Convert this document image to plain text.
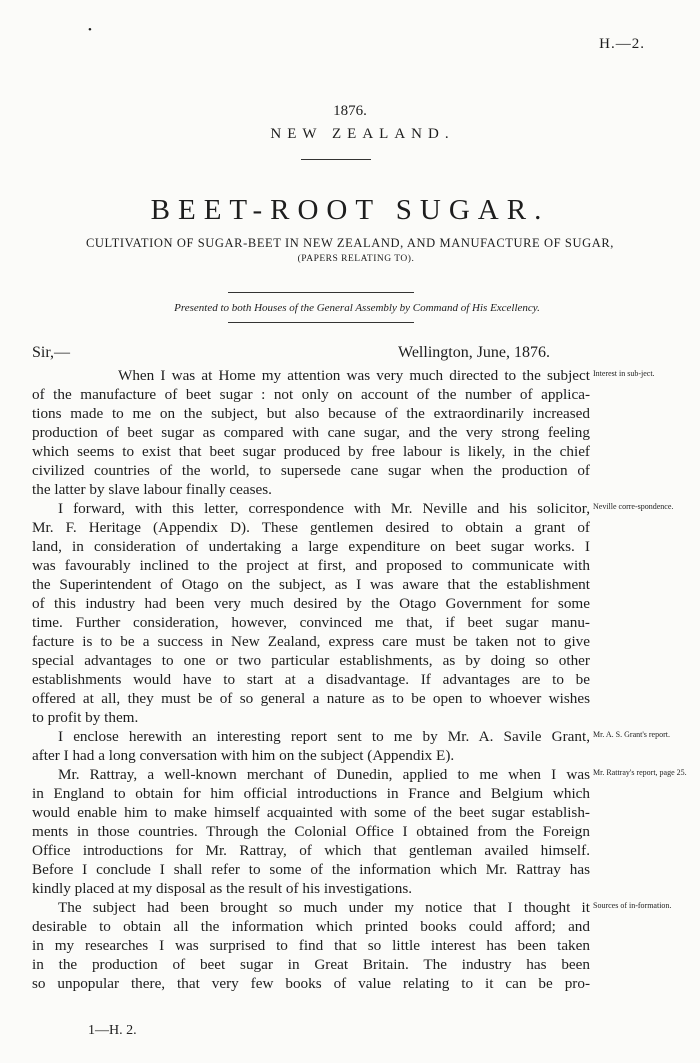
•
H.—2.
1876.
NEW ZEALAND.
BEET-ROOT SUGAR.
CULTIVATION OF SUGAR-BEET IN NEW ZEALAND, AND MANUFACTURE OF SUGAR,
(PAPERS RELATING TO).
Presented to both Houses of the General Assembly by Command of His Excellency.
Sir,—	Wellington, June, 1876.
When I was at Home my attention was very much directed to the subject
of the manufacture of beet sugar : not only on account of the number of applica-
tions made to me on the subject, but also because of the extraordinarily increased
production of beet sugar as compared with cane sugar, and the very strong feeling
which seems to exist that beet sugar produced by free labour is likely, in the chief
civilized countries of the world, to supersede cane sugar when the production of
the latter by slave labour finally ceases.
I forward, with this letter, correspondence with Mr. Neville and his solicitor,
Mr. F. Heritage (Appendix D). These gentlemen desired to obtain a grant of
land, in consideration of undertaking a large expenditure on beet sugar works. I
was favourably inclined to the project at first, and proposed to communicate with
the Superintendent of Otago on the subject, as I was aware that the establishment
of this industry had been very much desired by the Otago Government for some
time. Further consideration, however, convinced me that, if beet sugar manu-
facture is to be a success in New Zealand, express care must be taken not to give
special advantages to one or two particular establishments, as by doing so other
establishments would have to start at a disadvantage. If advantages are to be
offered at all, they must be of so general a nature as to be open to whoever wishes
to profit by them.
I enclose herewith an interesting report sent to me by Mr. A. Savile Grant,
after I had a long conversation with him on the subject (Appendix E).
Mr. Rattray, a well-known merchant of Dunedin, applied to me when I was
in England to obtain for him official introductions in France and Belgium which
would enable him to make himself acquainted with some of the beet sugar establish-
ments in those countries. Through the Colonial Office I obtained from the Foreign
Office introductions for Mr. Rattray, of which that gentleman availed himself.
Before I conclude I shall refer to some of the information which Mr. Rattray has
kindly placed at my disposal as the result of his investigations.
The subject had been brought so much under my notice that I thought it
desirable to obtain all the information which printed books could afford; and
in my researches I was surprised to find that so little interest has been taken
in the production of beet sugar in Great Britain. The industry has been
so unpopular there, that very few books of value relating to it can be pro-
Interest in sub-ject.
Neville corre-spondence.
Mr. A. S. Grant's report.
Mr. Rattray's report, page 25.
Sources of in-formation.
1—H. 2.
